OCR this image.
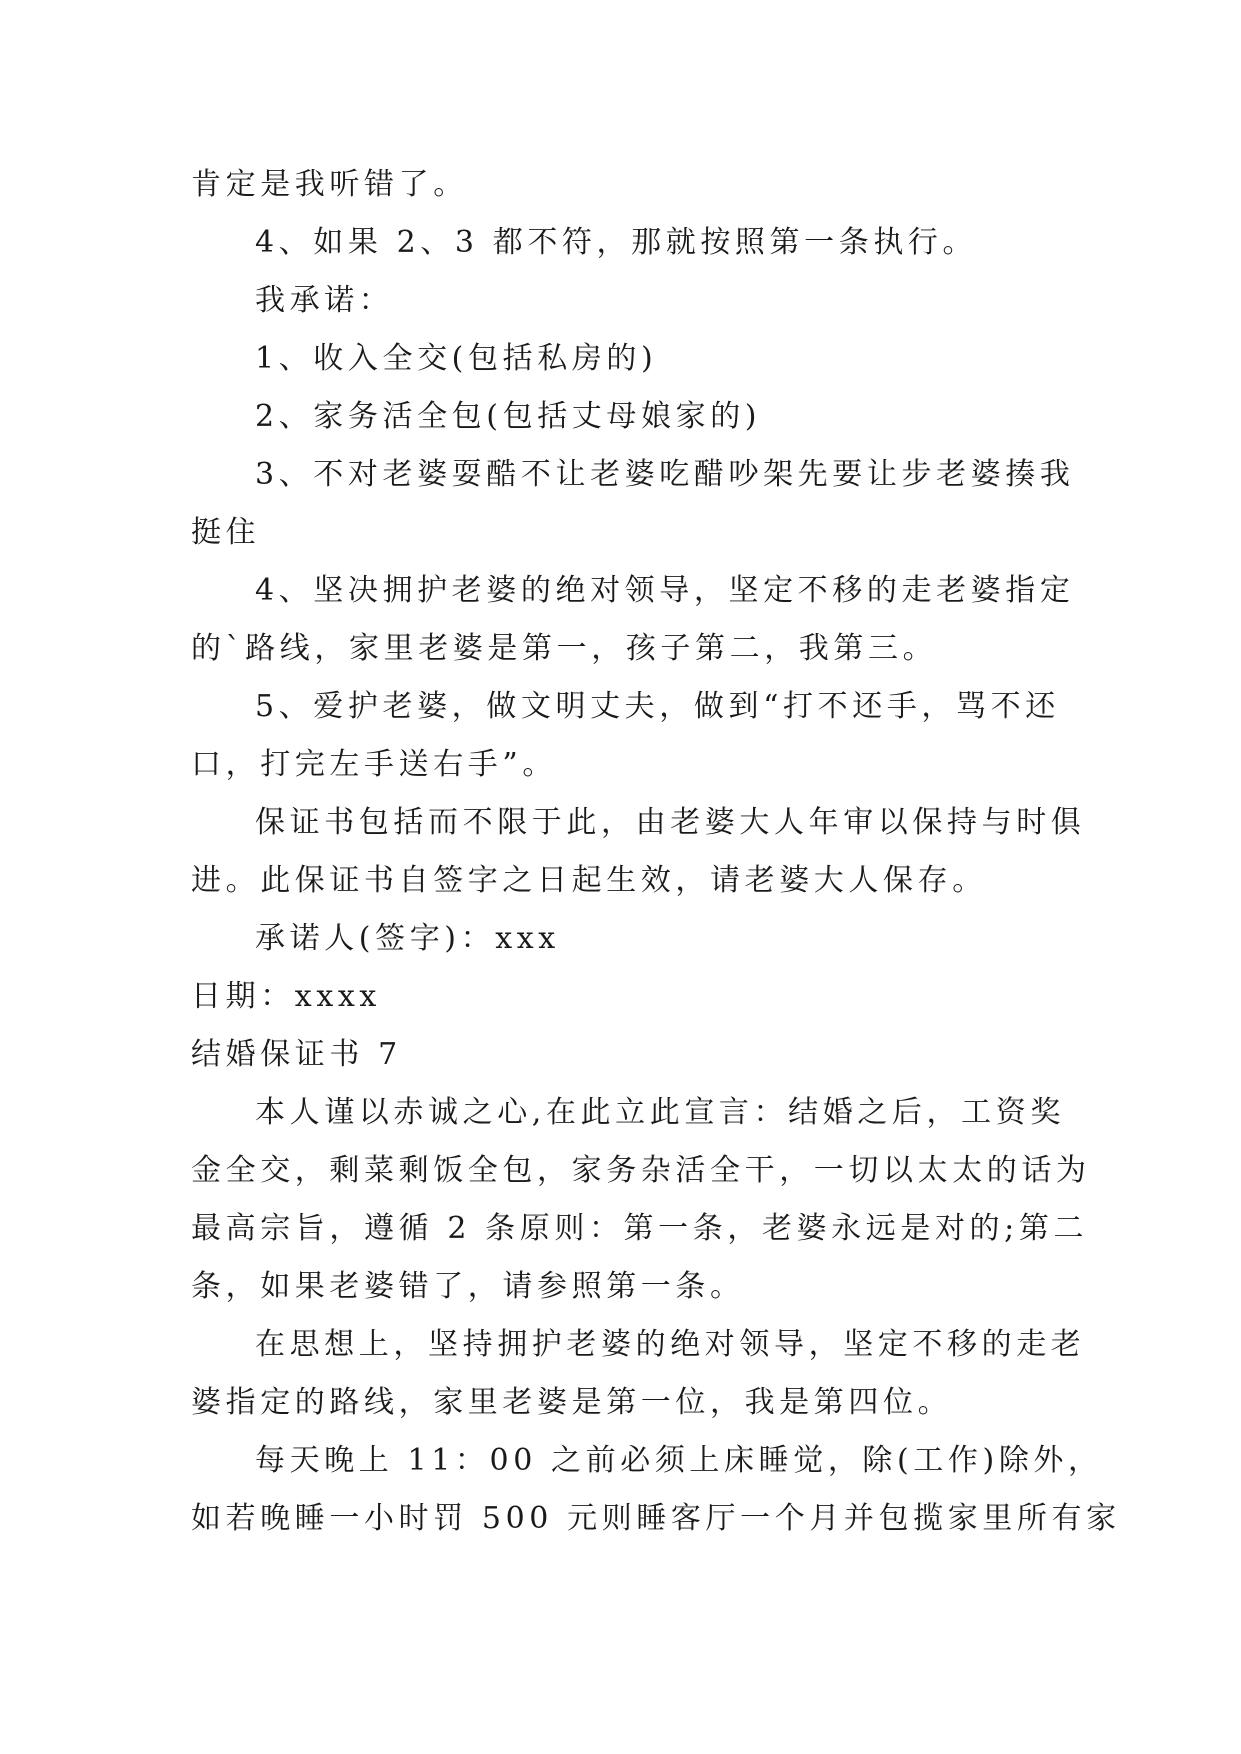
肯定是我听错了。
4、如果 2、3 都不符，那就按照第一条执行。
我承诺：
1、收入全交(包括私房的)
2、家务活全包(包括丈母娘家的)
3、不对老婆耍酷不让老婆吃醋吵架先要让步老婆揍我
挺住
4、坚决拥护老婆的绝对领导，坚定不移的走老婆指定
的`路线，家里老婆是第一，孩子第二，我第三。
5、爱护老婆，做文明丈夫，做到“打不还手，骂不还
口，打完左手送右手”。
保证书包括而不限于此，由老婆大人年审以保持与时俱
进。此保证书自签字之日起生效，请老婆大人保存。
承诺人(签字)：xxx
日期：xxxx
结婚保证书 7
本人谨以赤诚之心,在此立此宣言：结婚之后，工资奖
金全交，剩菜剩饭全包，家务杂活全干，一切以太太的话为
最高宗旨，遵循 2 条原则：第一条，老婆永远是对的;第二
条，如果老婆错了，请参照第一条。
在思想上，坚持拥护老婆的绝对领导，坚定不移的走老
婆指定的路线，家里老婆是第一位，我是第四位。
每天晚上 11：00 之前必须上床睡觉，除(工作)除外，
如若晚睡一小时罚 500 元则睡客厅一个月并包揽家里所有家
